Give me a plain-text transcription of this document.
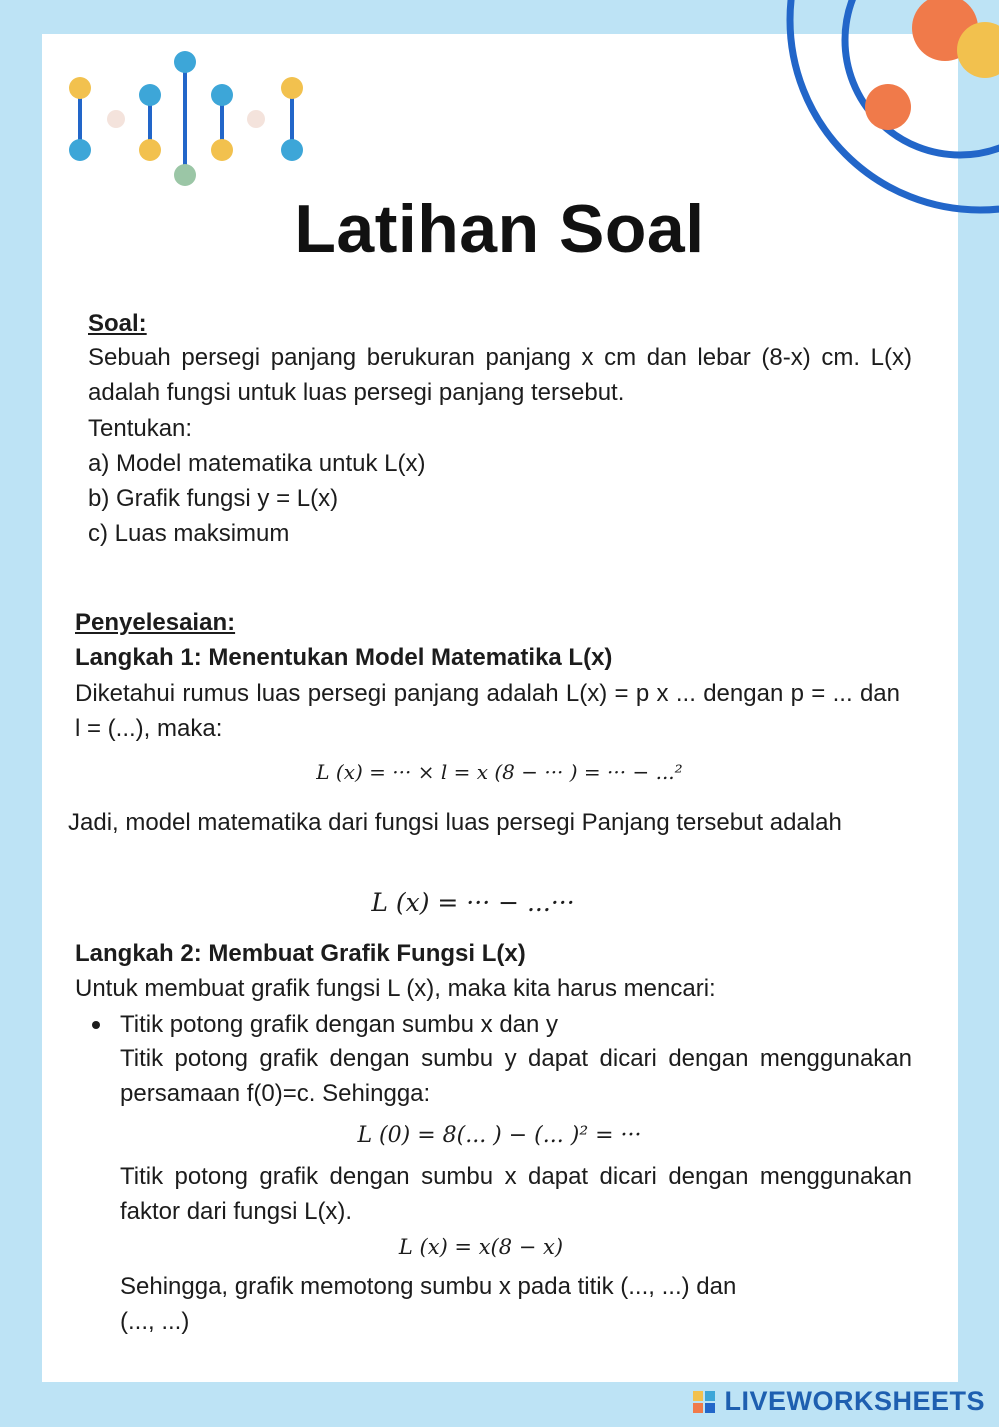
Latihan Soal
Soal:
Sebuah persegi panjang berukuran panjang x cm dan lebar (8-x) cm. L(x) adalah fungsi untuk luas persegi panjang tersebut.
Tentukan:
a) Model matematika untuk L(x)
b) Grafik fungsi y = L(x)
c) Luas maksimum
Penyelesaian:
Langkah 1: Menentukan Model Matematika L(x)
Diketahui rumus luas persegi panjang adalah L(x) = p x ... dengan p = ... dan l = (...), maka:
L (x) = ··· × l = x (8 − ··· ) = ··· − ...²
Jadi, model matematika dari fungsi luas persegi Panjang tersebut adalah
L (x) = ··· − ...···
Langkah 2: Membuat Grafik Fungsi L(x)
Untuk membuat grafik fungsi L (x), maka kita harus mencari:
Titik potong grafik dengan sumbu x dan y
Titik potong grafik dengan sumbu y dapat dicari dengan menggunakan persamaan f(0)=c. Sehingga:
L (0) = 8(... ) − (... )² = ···
Titik potong grafik dengan sumbu x dapat dicari dengan menggunakan faktor dari fungsi L(x).
L (x) = x(8 − x)
Sehingga, grafik memotong sumbu x pada titik (..., ...) dan
(..., ...)
LIVEWORKSHEETS
